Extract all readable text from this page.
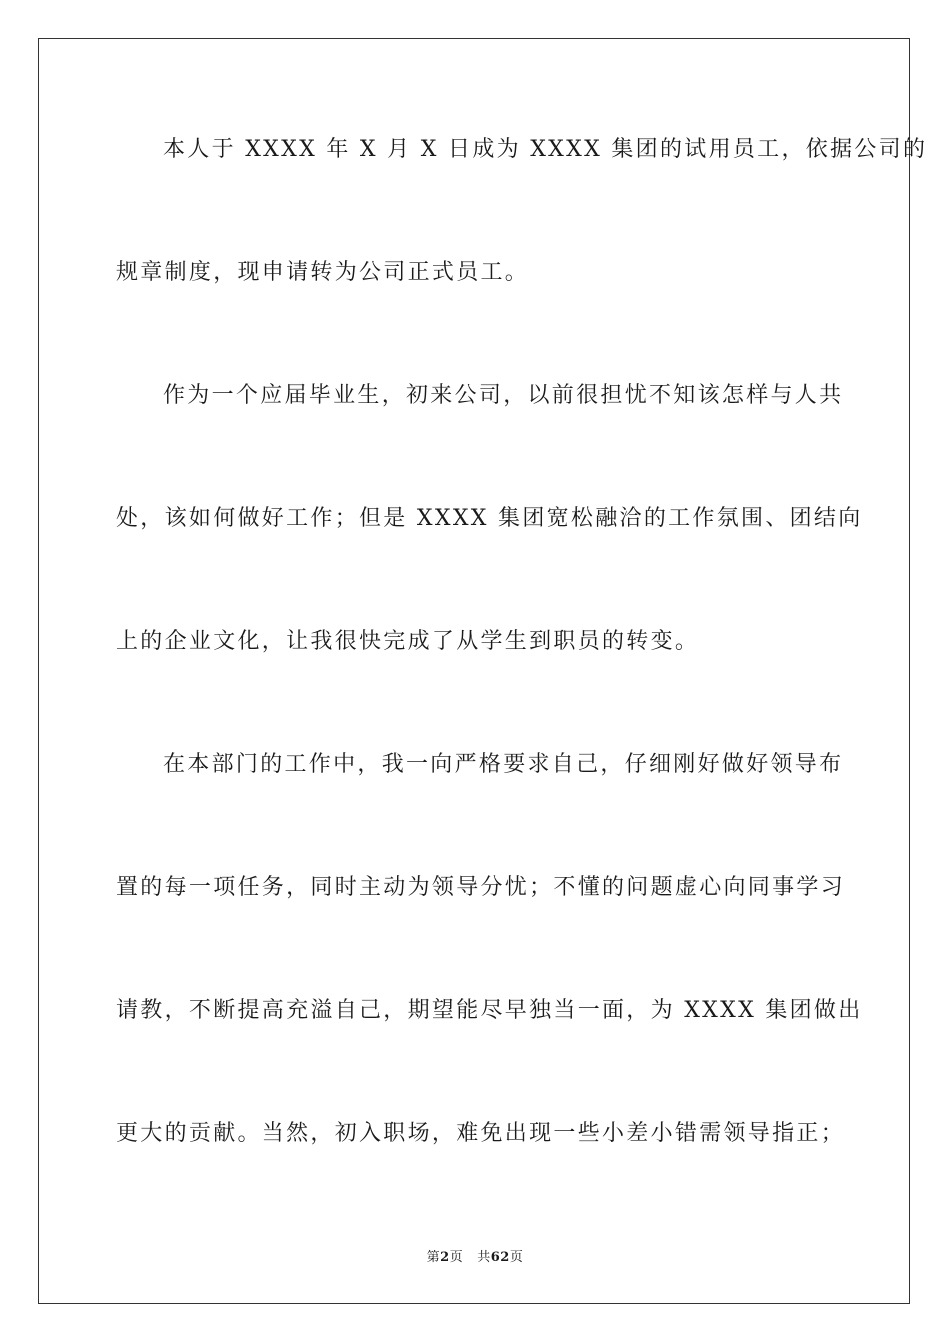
本人于 XXXX 年 X 月 X 日成为 XXXX 集团的试用员工，依据公司的
规章制度，现申请转为公司正式员工。
作为一个应届毕业生，初来公司，以前很担忧不知该怎样与人共
处，该如何做好工作；但是 XXXX 集团宽松融洽的工作氛围、团结向
上的企业文化，让我很快完成了从学生到职员的转变。
在本部门的工作中，我一向严格要求自己，仔细刚好做好领导布
置的每一项任务，同时主动为领导分忧；不懂的问题虚心向同事学习
请教，不断提高充溢自己，期望能尽早独当一面，为 XXXX 集团做出
更大的贡献。当然，初入职场，难免出现一些小差小错需领导指正；
第2页 共62页
